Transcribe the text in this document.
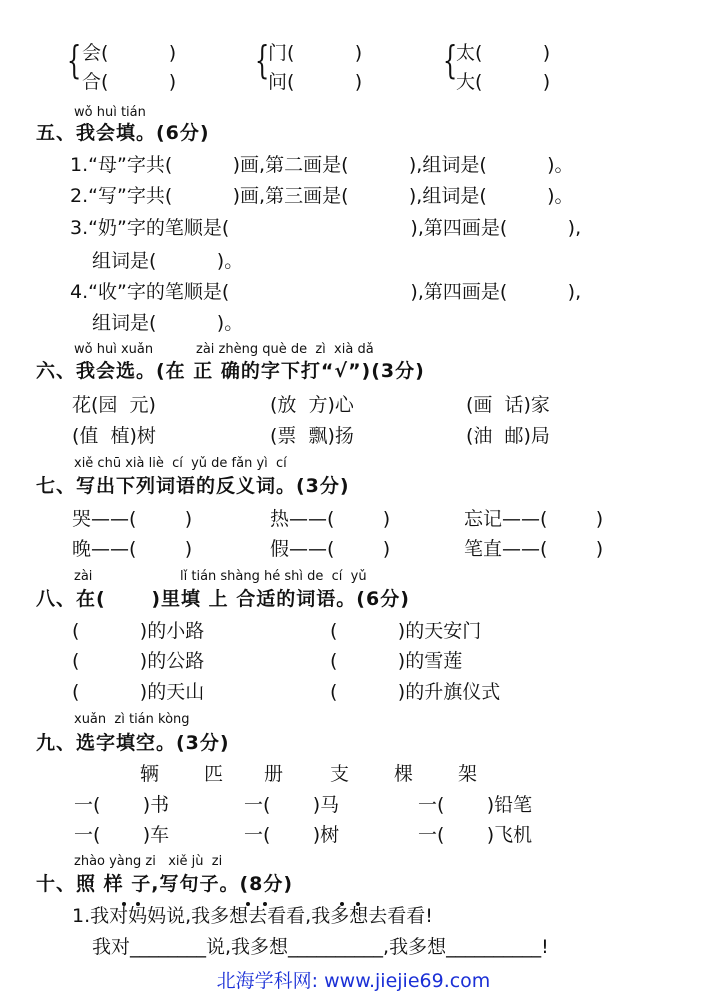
{ 会(          )
合(          ) {
门(          )
问(          ) {
太(          )
大(          )
wǒ huì tián
五、我会填。(6分)
1.“母”字共(          )画,第二画是(          ),组词是(          )。
2.“写”字共(          )画,第三画是(          ),组词是(          )。
3.“奶”字的笔顺是(                              ),第四画是(          ),
组词是(          )。
4.“收”字的笔顺是(                              ),第四画是(          ),
组词是(          )。
wǒ huì xuǎn	zài zhèng què de  zì  xià dǎ
六、我会选。(在 正 确的字下打“√”)(3分)
花(园  元)	(放  方)心	(画  话)家
(值  植)树	(票  飘)扬	(油  邮)局
xiě chū xià liè  cí  yǔ de fǎn yì  cí
七、写出下列词语的反义词。(3分)
哭——(        )	热——(        )	忘记——(        )
晚——(        )	假——(        )	笔直——(        )
zài	lǐ tián shàng hé shì de  cí  yǔ
八、在(      )里填 上 合适的词语。(6分)
(          )的小路	(          )的天安门
(          )的公路	(          )的雪莲
(          )的天山	(          )的升旗仪式
xuǎn  zì tián kòng
九、选字填空。(3分)
辆 匹 册 支 棵 架
一(       )书	一(       )马	一(       )铅笔
一(       )车	一(       )树	一(       )飞机
zhào yàng zi   xiě jù  zi
十、照 样 子,写句子。(8分)
1.我对妈妈说,我多想去看看,我多想去看看!
我对________说,我多想__________,我多想__________!
北海学科网: www.jiejie69.com
